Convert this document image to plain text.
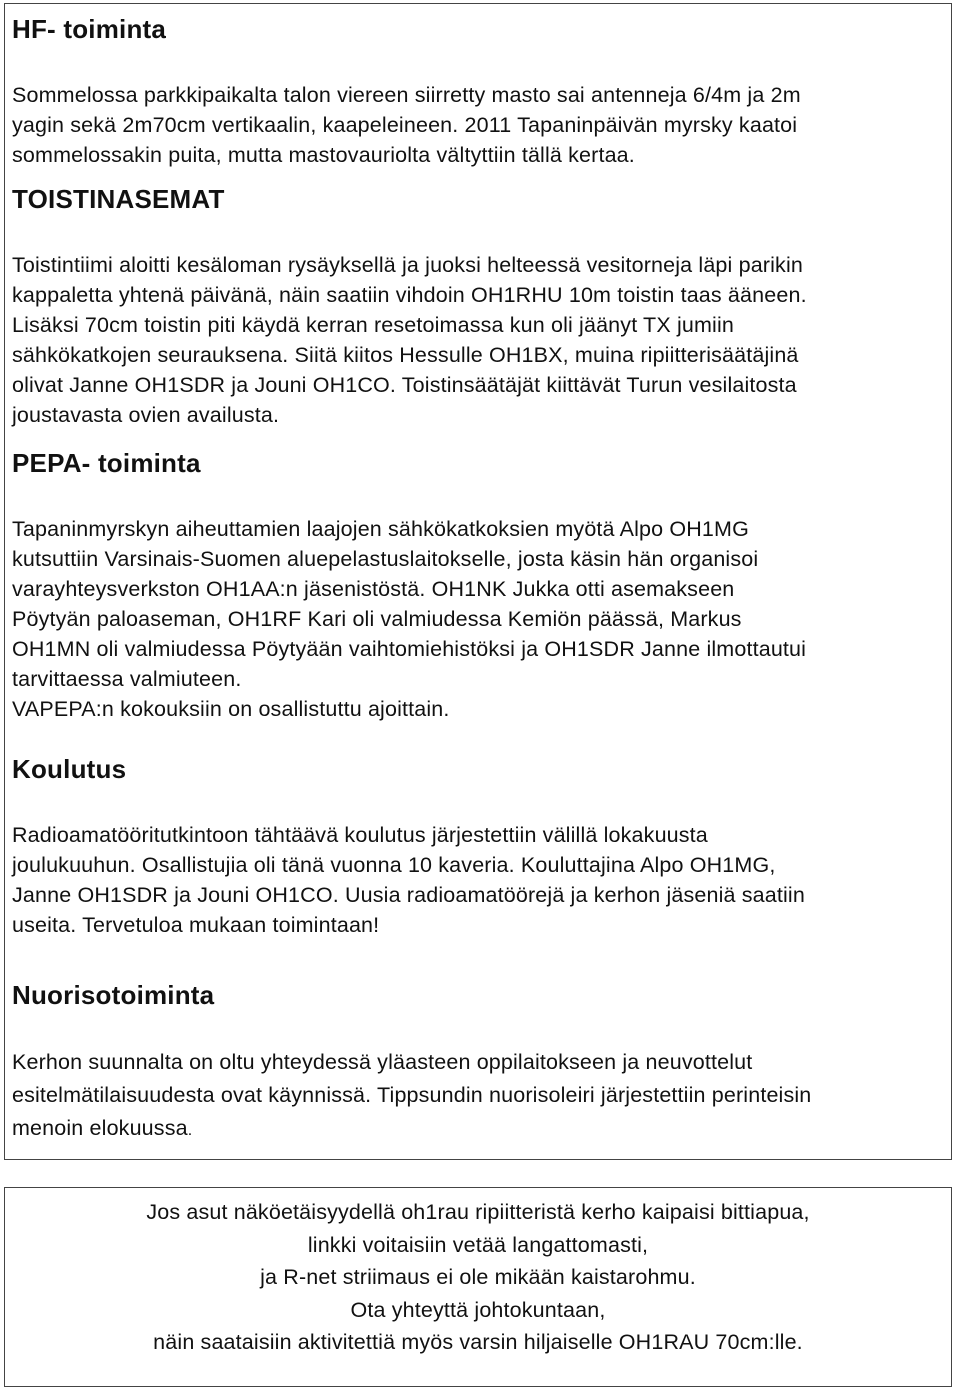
HF- toiminta

Sommelossa parkkipaikalta talon viereen siirretty masto sai antenneja 6/4m ja 2m
yagin sekä 2m70cm vertikaalin, kaapeleineen. 2011 Tapaninpäivän myrsky kaatoi
sommelossakin puita, mutta mastovauriolta vältyttiin tällä kertaa.

TOISTINASEMAT

Toistintiimi aloitti kesäloman rysäyksellä ja juoksi helteessä vesitorneja läpi parikin
kappaletta yhtenä päivänä, näin saatiin vihdoin OH1RHU 10m toistin taas ääneen.
Lisäksi 70cm toistin piti käydä kerran resetoimassa kun oli jäänyt TX jumiin
sähkökatkojen seurauksena. Siitä kiitos Hessulle OH1BX, muina ripiitterisäätäjinä
olivat Janne OH1SDR ja Jouni OH1CO. Toistinsäätäjät kiittävät Turun vesilaitosta
joustavasta ovien availusta.

PEPA- toiminta

Tapaninmyrskyn aiheuttamien laajojen sähkökatkoksien myötä Alpo OH1MG
kutsuttiin Varsinais-Suomen aluepelastuslaitokselle, josta käsin hän organisoi
varayhteysverkston OH1AA:n jäsenistöstä. OH1NK Jukka otti asemakseen
Pöytyän paloaseman, OH1RF Kari oli valmiudessa Kemiön päässä, Markus
OH1MN oli valmiudessa Pöytyään vaihtomiehistöksi ja OH1SDR Janne ilmottautui
tarvittaessa valmiuteen.
VAPEPA:n kokouksiin on osallistuttu ajoittain.

Koulutus

Radioamatööritutkintoon tähtäävä koulutus järjestettiin välillä lokakuusta
joulukuuhun. Osallistujia oli tänä vuonna 10 kaveria. Kouluttajina Alpo OH1MG,
Janne OH1SDR ja Jouni OH1CO. Uusia radioamatöörejä ja kerhon jäseniä saatiin
useita. Tervetuloa mukaan toimintaan!

Nuorisotoiminta

Kerhon suunnalta on oltu yhteydessä yläasteen oppilaitokseen ja neuvottelut
esitelmätilaisuudesta ovat käynnissä. Tippsundin nuorisoleiri järjestettiin perinteisin
menoin elokuussa.

Jos asut näköetäisyydellä oh1rau ripiitteristä kerho kaipaisi bittiapua,
linkki voitaisiin vetää langattomasti,
ja R-net striimaus ei ole mikään kaistarohmu.
Ota yhteyttä johtokuntaan,
näin saataisiin aktivitettiä myös varsin hiljaiselle OH1RAU 70cm:lle.
